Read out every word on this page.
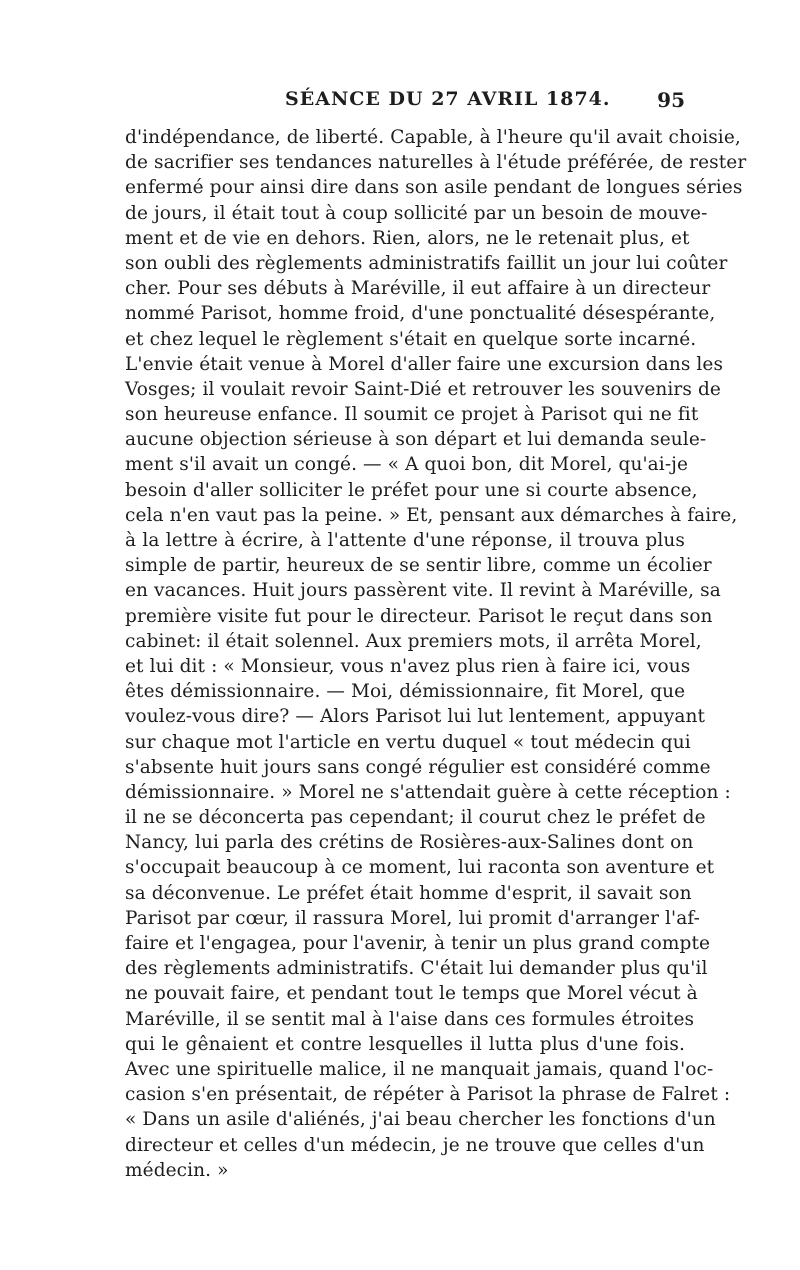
SÉANCE DU 27 AVRIL 1874. 95
d'indépendance, de liberté. Capable, à l'heure qu'il avait choisie,
de sacrifier ses tendances naturelles à l'étude préférée, de rester
enfermé pour ainsi dire dans son asile pendant de longues séries
de jours, il était tout à coup sollicité par un besoin de mouve-
ment et de vie en dehors. Rien, alors, ne le retenait plus, et
son oubli des règlements administratifs faillit un jour lui coûter
cher. Pour ses débuts à Maréville, il eut affaire à un directeur
nommé Parisot, homme froid, d'une ponctualité désespérante,
et chez lequel le règlement s'était en quelque sorte incarné.
L'envie était venue à Morel d'aller faire une excursion dans les
Vosges; il voulait revoir Saint-Dié et retrouver les souvenirs de
son heureuse enfance. Il soumit ce projet à Parisot qui ne fit
aucune objection sérieuse à son départ et lui demanda seule-
ment s'il avait un congé. — « A quoi bon, dit Morel, qu'ai-je
besoin d'aller solliciter le préfet pour une si courte absence,
cela n'en vaut pas la peine. » Et, pensant aux démarches à faire,
à la lettre à écrire, à l'attente d'une réponse, il trouva plus
simple de partir, heureux de se sentir libre, comme un écolier
en vacances. Huit jours passèrent vite. Il revint à Maréville, sa
première visite fut pour le directeur. Parisot le reçut dans son
cabinet: il était solennel. Aux premiers mots, il arrêta Morel,
et lui dit : « Monsieur, vous n'avez plus rien à faire ici, vous
êtes démissionnaire. — Moi, démissionnaire, fit Morel, que
voulez-vous dire? — Alors Parisot lui lut lentement, appuyant
sur chaque mot l'article en vertu duquel « tout médecin qui
s'absente huit jours sans congé régulier est considéré comme
démissionnaire. » Morel ne s'attendait guère à cette réception :
il ne se déconcerta pas cependant; il courut chez le préfet de
Nancy, lui parla des crétins de Rosières-aux-Salines dont on
s'occupait beaucoup à ce moment, lui raconta son aventure et
sa déconvenue. Le préfet était homme d'esprit, il savait son
Parisot par cœur, il rassura Morel, lui promit d'arranger l'af-
faire et l'engagea, pour l'avenir, à tenir un plus grand compte
des règlements administratifs. C'était lui demander plus qu'il
ne pouvait faire, et pendant tout le temps que Morel vécut à
Maréville, il se sentit mal à l'aise dans ces formules étroites
qui le gênaient et contre lesquelles il lutta plus d'une fois.
Avec une spirituelle malice, il ne manquait jamais, quand l'oc-
casion s'en présentait, de répéter à Parisot la phrase de Falret :
« Dans un asile d'aliénés, j'ai beau chercher les fonctions d'un
directeur et celles d'un médecin, je ne trouve que celles d'un
médecin. »
